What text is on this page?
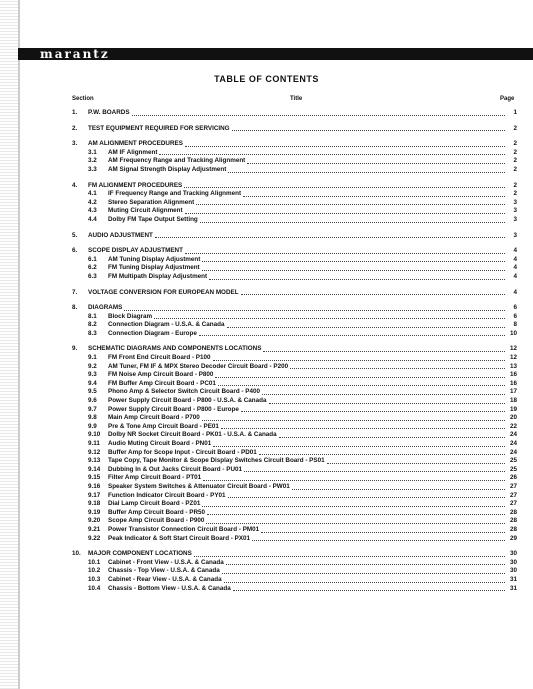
marantz
TABLE OF CONTENTS
Section	Title	Page
1.	P.W. BOARDS	1
2.	TEST EQUIPMENT REQUIRED FOR SERVICING	2
3.	AM ALIGNMENT PROCEDURES	2
3.1	AM IF Alignment	2
3.2	AM Frequency Range and Tracking Alignment	2
3.3	AM Signal Strength Display Adjustment	2
4.	FM ALIGNMENT PROCEDURES	2
4.1	IF Frequency Range and Tracking Alignment	2
4.2	Stereo Separation Alignment	3
4.3	Muting Circuit Alignment	3
4.4	Dolby FM Tape Output Setting	3
5.	AUDIO ADJUSTMENT	3
6.	SCOPE DISPLAY ADJUSTMENT	4
6.1	AM Tuning Display Adjustment	4
6.2	FM Tuning Display Adjustment	4
6.3	FM Multipath Display Adjustment	4
7.	VOLTAGE CONVERSION FOR EUROPEAN MODEL	4
8.	DIAGRAMS	6
8.1	Block Diagram	6
8.2	Connection Diagram - U.S.A. & Canada	8
8.3	Connection Diagram - Europe	10
9.	SCHEMATIC DIAGRAMS AND COMPONENTS LOCATIONS	12
9.1	FM Front End Circuit Board - P100	12
9.2	AM Tuner, FM IF & MPX Stereo Decoder Circuit Board - P200	13
9.3	FM Noise Amp Circuit Board - P800	16
9.4	FM Buffer Amp Circuit Board - PC01	16
9.5	Phono Amp & Selector Switch Circuit Board - P400	17
9.6	Power Supply Circuit Board - P800 - U.S.A. & Canada	18
9.7	Power Supply Circuit Board - P800 - Europe	19
9.8	Main Amp Circuit Board - P700	20
9.9	Pre & Tone Amp Circuit Board - PE01	22
9.10	Dolby NR Socket Circuit Board - PK01 - U.S.A. & Canada	24
9.11	Audio Muting Circuit Board - PN01	24
9.12	Buffer Amp for Scope Input - Circuit Board - PD01	24
9.13	Tape Copy, Tape Monitor & Scope Display Switches Circuit Board - PS01	25
9.14	Dubbing In & Out Jacks Circuit Board - PU01	25
9.15	Filter Amp Circuit Board - PT01	26
9.16	Speaker System Switches & Attenuator Circuit Board - PW01	27
9.17	Function Indicator Circuit Board - PY01	27
9.18	Dial Lamp Circuit Board - PZ01	27
9.19	Buffer Amp Circuit Board - PR50	28
9.20	Scope Amp Circuit Board - P900	28
9.21	Power Transistor Connection Circuit Board - PM01	28
9.22	Peak Indicator & Soft Start Circuit Board - PX01	29
10.	MAJOR COMPONENT LOCATIONS	30
10.1	Cabinet - Front View - U.S.A. & Canada	30
10.2	Chassis - Top View - U.S.A. & Canada	30
10.3	Cabinet - Rear View - U.S.A. & Canada	31
10.4	Chassis - Bottom View - U.S.A. & Canada	31
